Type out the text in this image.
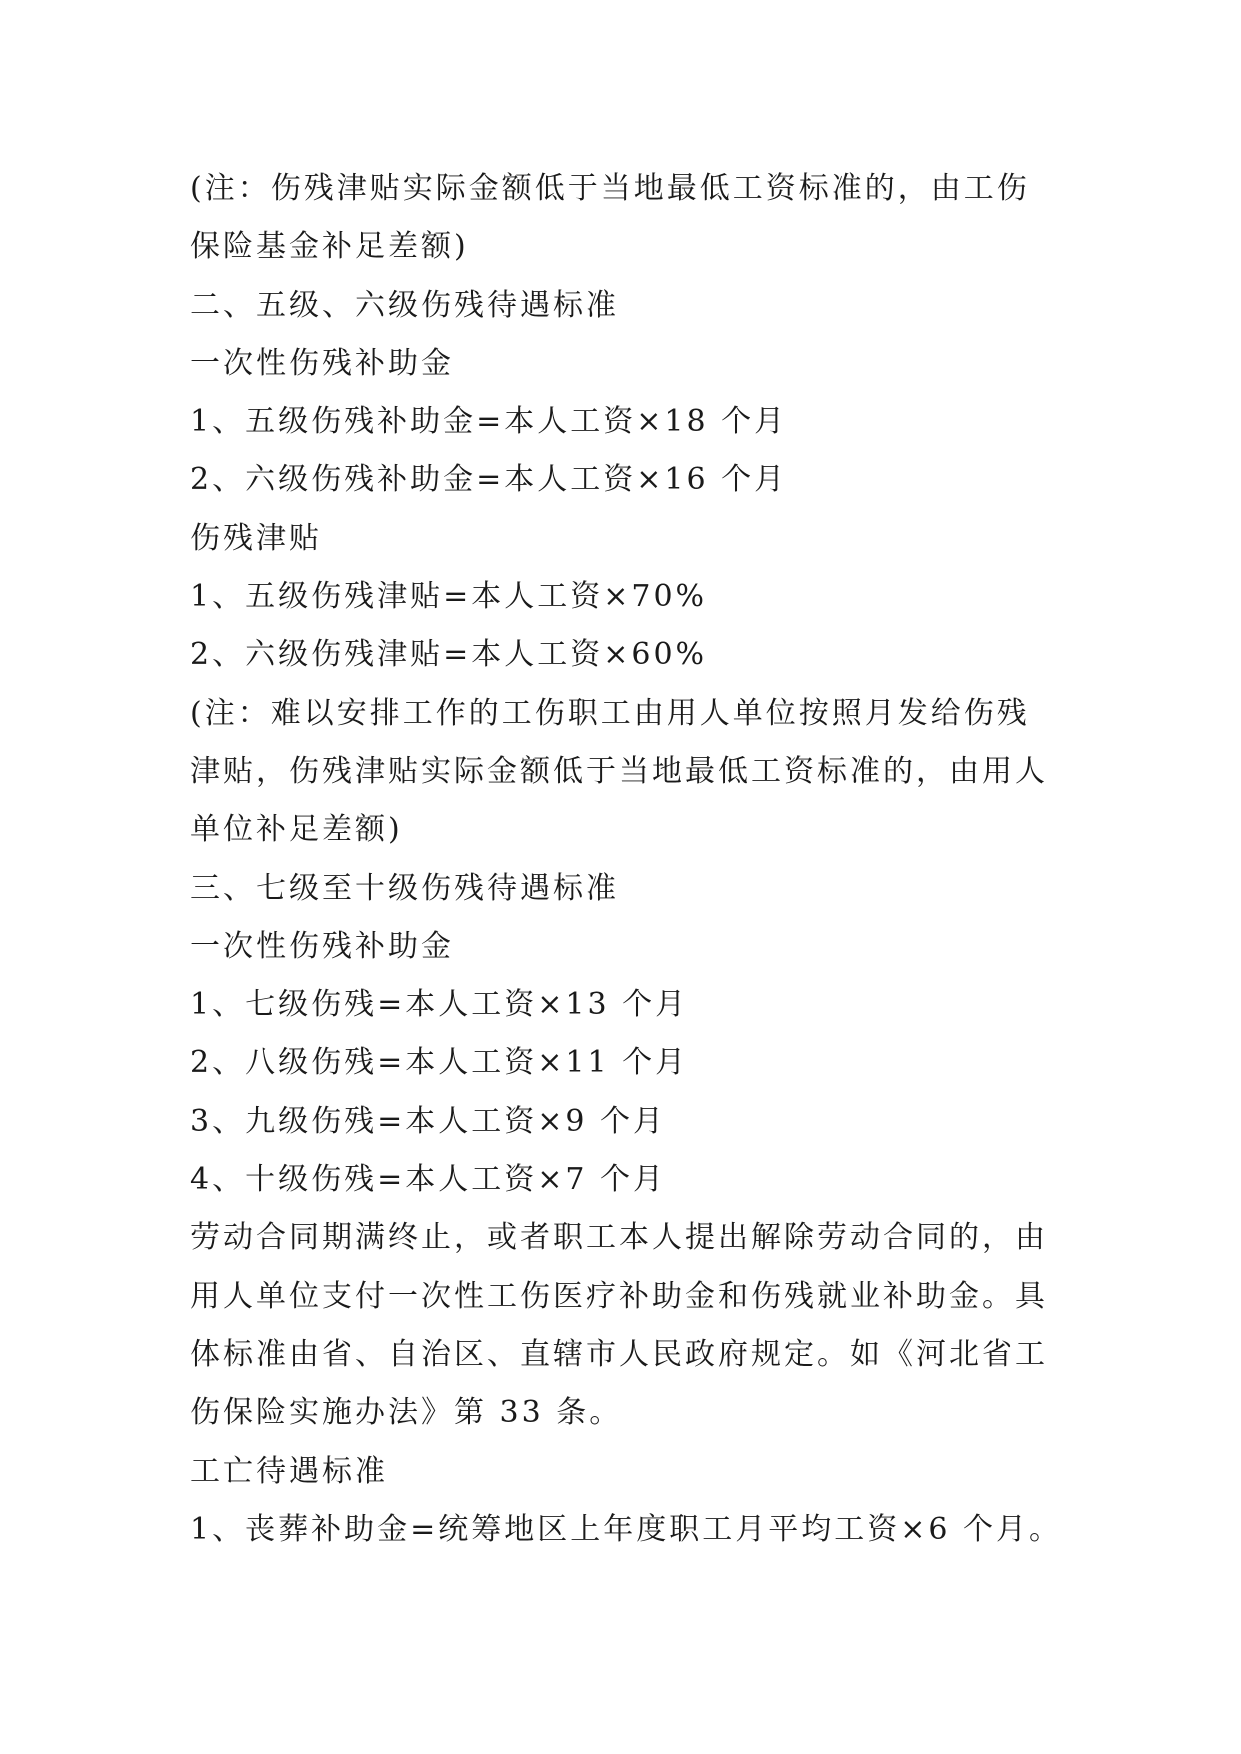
(注：伤残津贴实际金额低于当地最低工资标准的，由工伤

保险基金补足差额)

二、五级、六级伤残待遇标准

一次性伤残补助金

1、五级伤残补助金=本人工资×18 个月

2、六级伤残补助金=本人工资×16 个月

伤残津贴

1、五级伤残津贴=本人工资×70%

2、六级伤残津贴=本人工资×60%

(注：难以安排工作的工伤职工由用人单位按照月发给伤残

津贴，伤残津贴实际金额低于当地最低工资标准的，由用人

单位补足差额)

三、七级至十级伤残待遇标准

一次性伤残补助金

1、七级伤残=本人工资×13 个月

2、八级伤残=本人工资×11 个月

3、九级伤残=本人工资×9 个月

4、十级伤残=本人工资×7 个月

劳动合同期满终止，或者职工本人提出解除劳动合同的，由

用人单位支付一次性工伤医疗补助金和伤残就业补助金。具

体标准由省、自治区、直辖市人民政府规定。如《河北省工

伤保险实施办法》第 33 条。

工亡待遇标准

1、丧葬补助金=统筹地区上年度职工月平均工资×6 个月。
